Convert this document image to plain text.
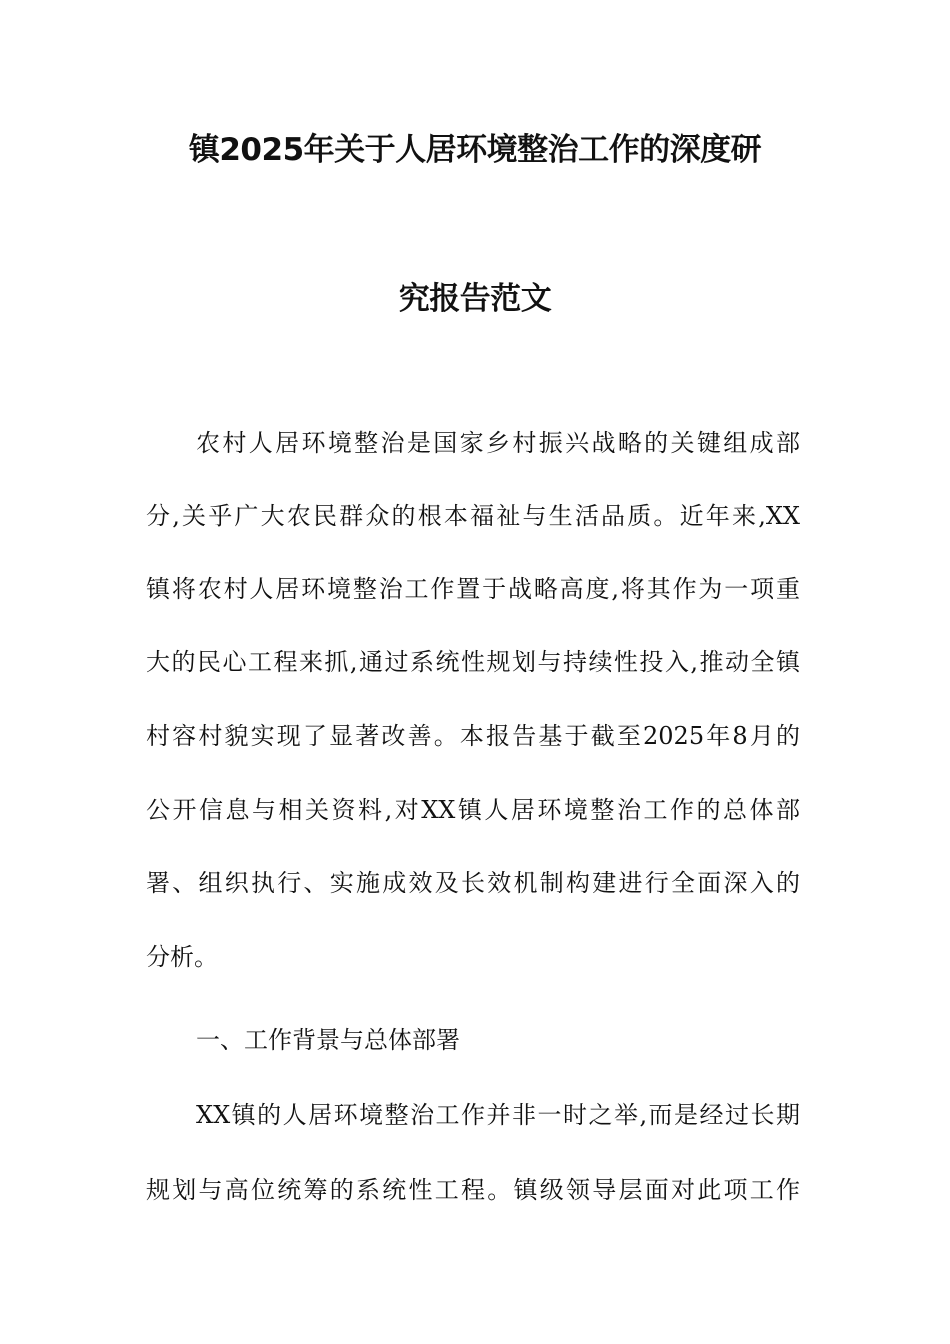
镇2025年关于人居环境整治工作的深度研
究报告范文
农村人居环境整治是国家乡村振兴战略的关键组成部
分,关乎广大农民群众的根本福祉与生活品质。近年来,XX
镇将农村人居环境整治工作置于战略高度,将其作为一项重
大的民心工程来抓,通过系统性规划与持续性投入,推动全镇
村容村貌实现了显著改善。本报告基于截至2025年8月的
公开信息与相关资料,对XX镇人居环境整治工作的总体部
署、组织执行、实施成效及长效机制构建进行全面深入的
分析。
一、工作背景与总体部署
XX镇的人居环境整治工作并非一时之举,而是经过长期
规划与高位统筹的系统性工程。镇级领导层面对此项工作
